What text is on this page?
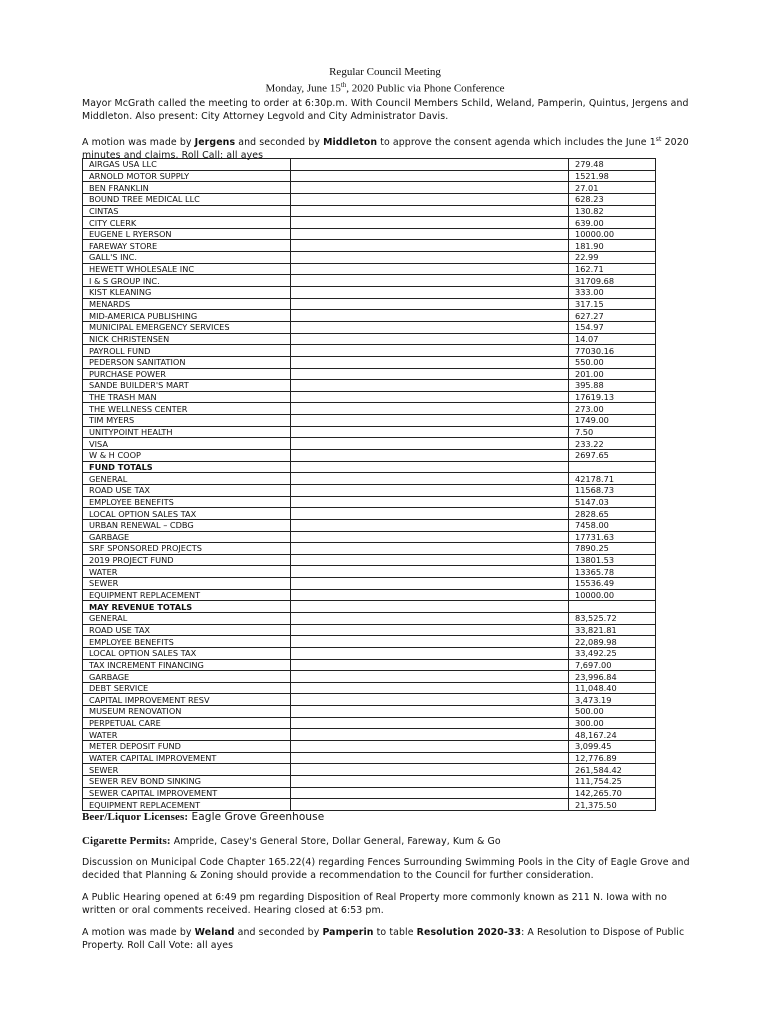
Regular Council Meeting
Monday, June 15th, 2020 Public via Phone Conference
Mayor McGrath called the meeting to order at 6:30p.m. With Council Members Schild, Weland, Pamperin, Quintus, Jergens and Middleton. Also present: City Attorney Legvold and City Administrator Davis.
A motion was made by Jergens and seconded by Middleton to approve the consent agenda which includes the June 1st 2020 minutes and claims. Roll Call: all ayes
AIRGAS USA LLC		279.48
ARNOLD MOTOR SUPPLY		1521.98
BEN FRANKLIN		27.01
BOUND TREE MEDICAL LLC		628.23
CINTAS		130.82
CITY CLERK		639.00
EUGENE L RYERSON		10000.00
FAREWAY STORE		181.90
GALL'S INC.		22.99
HEWETT WHOLESALE INC		162.71
I & S GROUP INC.		31709.68
KIST KLEANING		333.00
MENARDS		317.15
MID-AMERICA PUBLISHING		627.27
MUNICIPAL EMERGENCY SERVICES		154.97
NICK CHRISTENSEN		14.07
PAYROLL FUND		77030.16
PEDERSON SANITATION		550.00
PURCHASE POWER		201.00
SANDE BUILDER'S MART		395.88
THE TRASH MAN		17619.13
THE WELLNESS CENTER		273.00
TIM MYERS		1749.00
UNITYPOINT HEALTH		7.50
VISA		233.22
W & H COOP		2697.65
FUND TOTALS		
GENERAL		42178.71
ROAD USE TAX		11568.73
EMPLOYEE BENEFITS		5147.03
LOCAL OPTION SALES TAX		2828.65
URBAN RENEWAL – CDBG		7458.00
GARBAGE		17731.63
SRF SPONSORED PROJECTS		7890.25
2019 PROJECT FUND		13801.53
WATER		13365.78
SEWER		15536.49
EQUIPMENT REPLACEMENT		10000.00
MAY REVENUE TOTALS		
GENERAL		83,525.72
ROAD USE TAX		33,821.81
EMPLOYEE BENEFITS		22,089.98
LOCAL OPTION SALES TAX		33,492.25
TAX INCREMENT FINANCING		7,697.00
GARBAGE		23,996.84
DEBT SERVICE		11,048.40
CAPITAL IMPROVEMENT RESV		3,473.19
MUSEUM RENOVATION		500.00
PERPETUAL CARE		300.00
WATER		48,167.24
METER DEPOSIT FUND		3,099.45
WATER CAPITAL IMPROVEMENT		12,776.89
SEWER		261,584.42
SEWER REV BOND SINKING		111,754.25
SEWER CAPITAL IMPROVEMENT		142,265.70
EQUIPMENT REPLACEMENT		21,375.50
Beer/Liquor Licenses: Eagle Grove Greenhouse
Cigarette Permits: Ampride, Casey's General Store, Dollar General, Fareway, Kum & Go
Discussion on Municipal Code Chapter 165.22(4) regarding Fences Surrounding Swimming Pools in the City of Eagle Grove and decided that Planning & Zoning should provide a recommendation to the Council for further consideration.
A Public Hearing opened at 6:49 pm regarding Disposition of Real Property more commonly known as 211 N. Iowa with no written or oral comments received. Hearing closed at 6:53 pm.
A motion was made by Weland and seconded by Pamperin to table Resolution 2020-33: A Resolution to Dispose of Public Property. Roll Call Vote: all ayes
